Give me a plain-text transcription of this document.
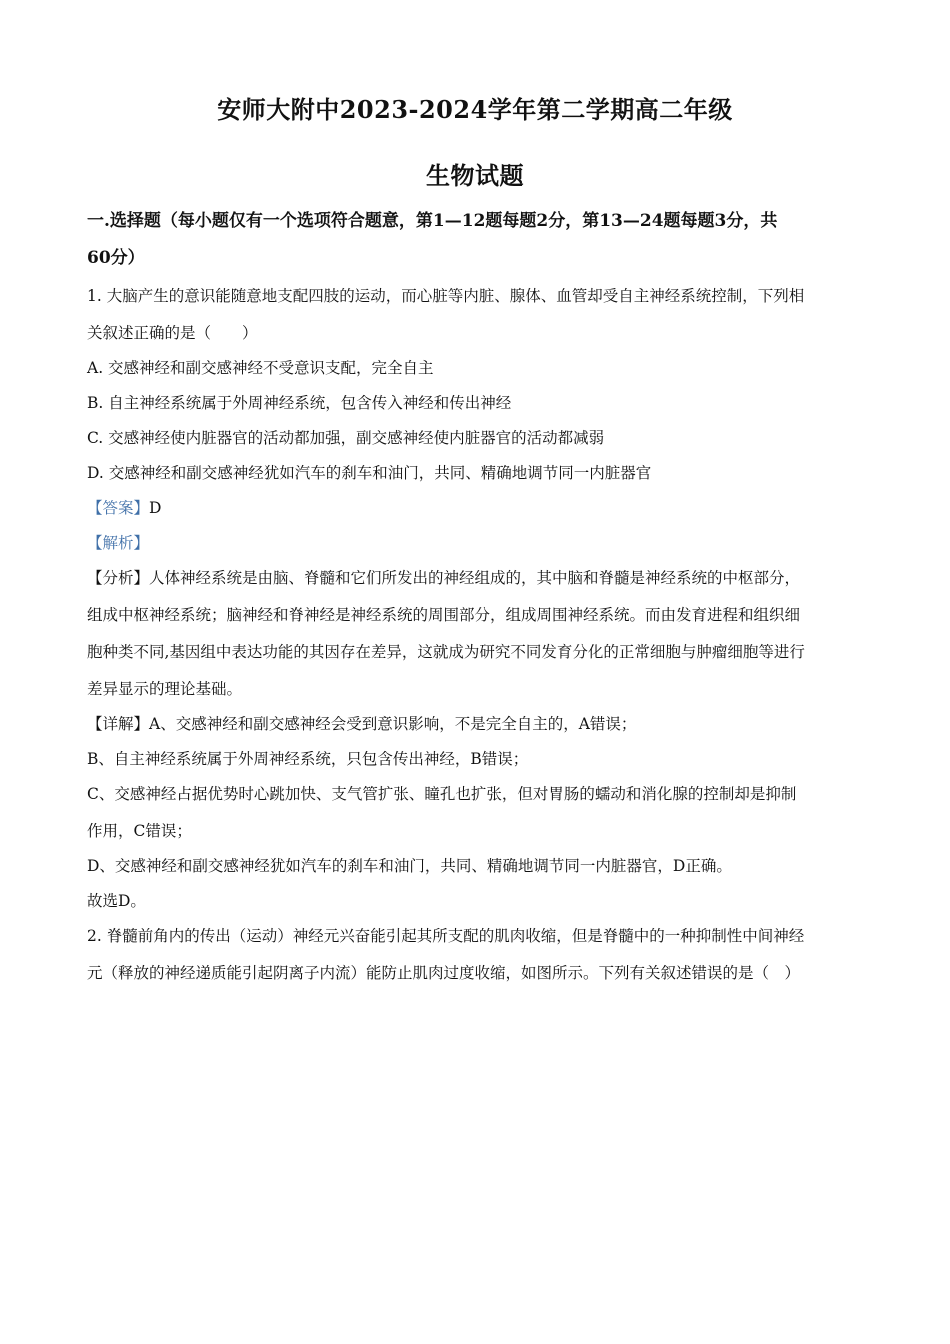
安师大附中2023-2024学年第二学期高二年级
生物试题
一.选择题（每小题仅有一个选项符合题意，第1—12题每题2分，第13—24题每题3分，共
60分）
1. 大脑产生的意识能随意地支配四肢的运动，而心脏等内脏、腺体、血管却受自主神经系统控制，下列相
关叙述正确的是（　　）
A. 交感神经和副交感神经不受意识支配，完全自主
B. 自主神经系统属于外周神经系统，包含传入神经和传出神经
C. 交感神经使内脏器官的活动都加强，副交感神经使内脏器官的活动都减弱
D. 交感神经和副交感神经犹如汽车的刹车和油门，共同、精确地调节同一内脏器官
【答案】D
【解析】
【分析】人体神经系统是由脑、脊髓和它们所发出的神经组成的，其中脑和脊髓是神经系统的中枢部分，
组成中枢神经系统；脑神经和脊神经是神经系统的周围部分，组成周围神经系统。而由发育进程和组织细
胞种类不同,基因组中表达功能的其因存在差异，这就成为研究不同发育分化的正常细胞与肿瘤细胞等进行
差异显示的理论基础。
【详解】A、交感神经和副交感神经会受到意识影响，不是完全自主的，A错误；
B、自主神经系统属于外周神经系统，只包含传出神经，B错误；
C、交感神经占据优势时心跳加快、支气管扩张、瞳孔也扩张，但对胃肠的蠕动和消化腺的控制却是抑制
作用，C错误；
D、交感神经和副交感神经犹如汽车的刹车和油门，共同、精确地调节同一内脏器官，D正确。
故选D。
2. 脊髓前角内的传出（运动）神经元兴奋能引起其所支配的肌肉收缩，但是脊髓中的一种抑制性中间神经
元（释放的神经递质能引起阴离子内流）能防止肌肉过度收缩，如图所示。下列有关叙述错误的是（　）
